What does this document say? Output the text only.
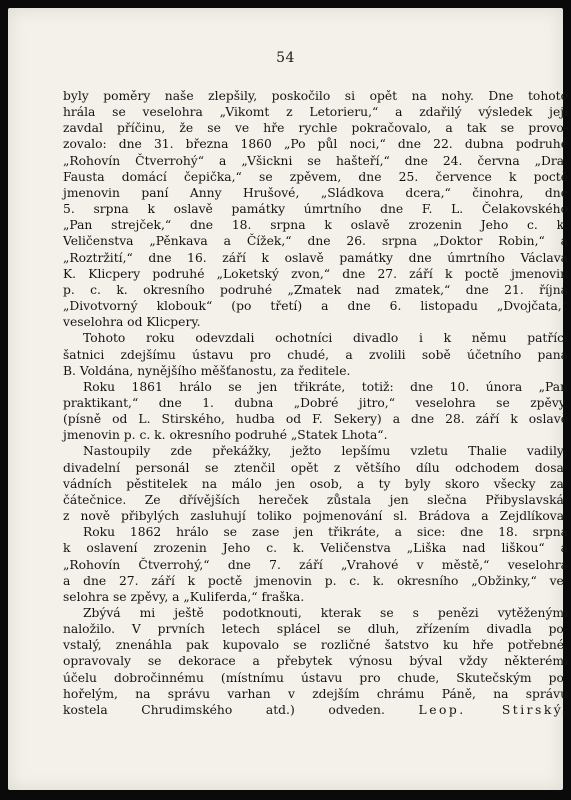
54
byly poměry naše zlepšily, poskočilo si opět na nohy. Dne tohoto
hrála se veselohra „Vikomt z Letorieru,“ a zdařilý výsledek její
zavdal příčinu, že se ve hře rychle pokračovalo, a tak se provo-
zovalo: dne 31. března 1860 „Po půl noci,“ dne 22. dubna podruhé
„Rohovín Čtverrohý“ a „Všickni se hašteří,“ dne 24. června „Dra.
Fausta domácí čepička,“ se zpěvem, dne 25. července k poctě
jmenovin paní Anny Hrušové, „Sládkova dcera,“ činohra, dne
5. srpna k oslavě památky úmrtního dne F. L. Čelakovského
„Pan strejček,“ dne 18. srpna k oslavě zrozenin Jeho c. k.
Veličenstva „Pěnkava a Čížek,“ dne 26. srpna „Doktor Robin,“ a
„Roztržití,“ dne 16. září k oslavě památky dne úmrtního Václava
K. Klicpery podruhé „Loketský zvon,“ dne 27. září k poctě jmenovin
p. c. k. okresního podruhé „Zmatek nad zmatek,“ dne 21. října
„Divotvorný klobouk“ (po třetí) a dne 6. listopadu „Dvojčata,“
veselohra od Klicpery.
Tohoto roku odevzdali ochotníci divadlo i k němu patřící
šatnici zdejšímu ústavu pro chudé, a zvolili sobě účetního pana
B. Voldána, nynějšího měšťanostu, za ředitele.
Roku 1861 hrálo se jen třikráte, totiž: dne 10. února „Pan
praktikant,“ dne 1. dubna „Dobré jitro,“ veselohra se zpěvy,
(písně od L. Stirského, hudba od F. Sekery) a dne 28. září k oslavě
jmenovin p. c. k. okresního podruhé „Statek Lhota“.
Nastoupily zde překážky, ježto lepšímu vzletu Thalie vadily;
divadelní personál se ztenčil opět z většího dílu odchodem dosa-
vádních pěstitelek na málo jen osob, a ty byly skoro všecky za-
čátečnice. Ze dřívějších hereček zůstala jen slečna Přibyslavská;
z nově přibylých zasluhují toliko pojmenování sl. Brádova a Zejdlíkova.
Roku 1862 hrálo se zase jen třikráte, a sice: dne 18. srpna
k oslavení zrozenin Jeho c. k. Veličenstva „Liška nad liškou“ a
„Rohovín Čtverrohý,“ dne 7. září „Vrahové v městě,“ veselohra
a dne 27. září k poctě jmenovin p. c. k. okresního „Obžinky,“ ve-
selohra se zpěvy, a „Kuliferda,“ fraška.
Zbývá mi ještě podotknouti, kterak se s penězi vytěženými
naložilo. V prvních letech splácel se dluh, zřízením divadla po-
vstalý, znenáhla pak kupovalo se rozličné šatstvo ku hře potřebné,
opravovaly se dekorace a přebytek výnosu býval vždy některémi
účelu dobročinnému (místnímu ústavu pro chude, Skutečským po-
hořelým, na správu varhan v zdejším chrámu Páně, na správu
kostela Chrudimského atd.) odveden.	Leop. Stirský.
